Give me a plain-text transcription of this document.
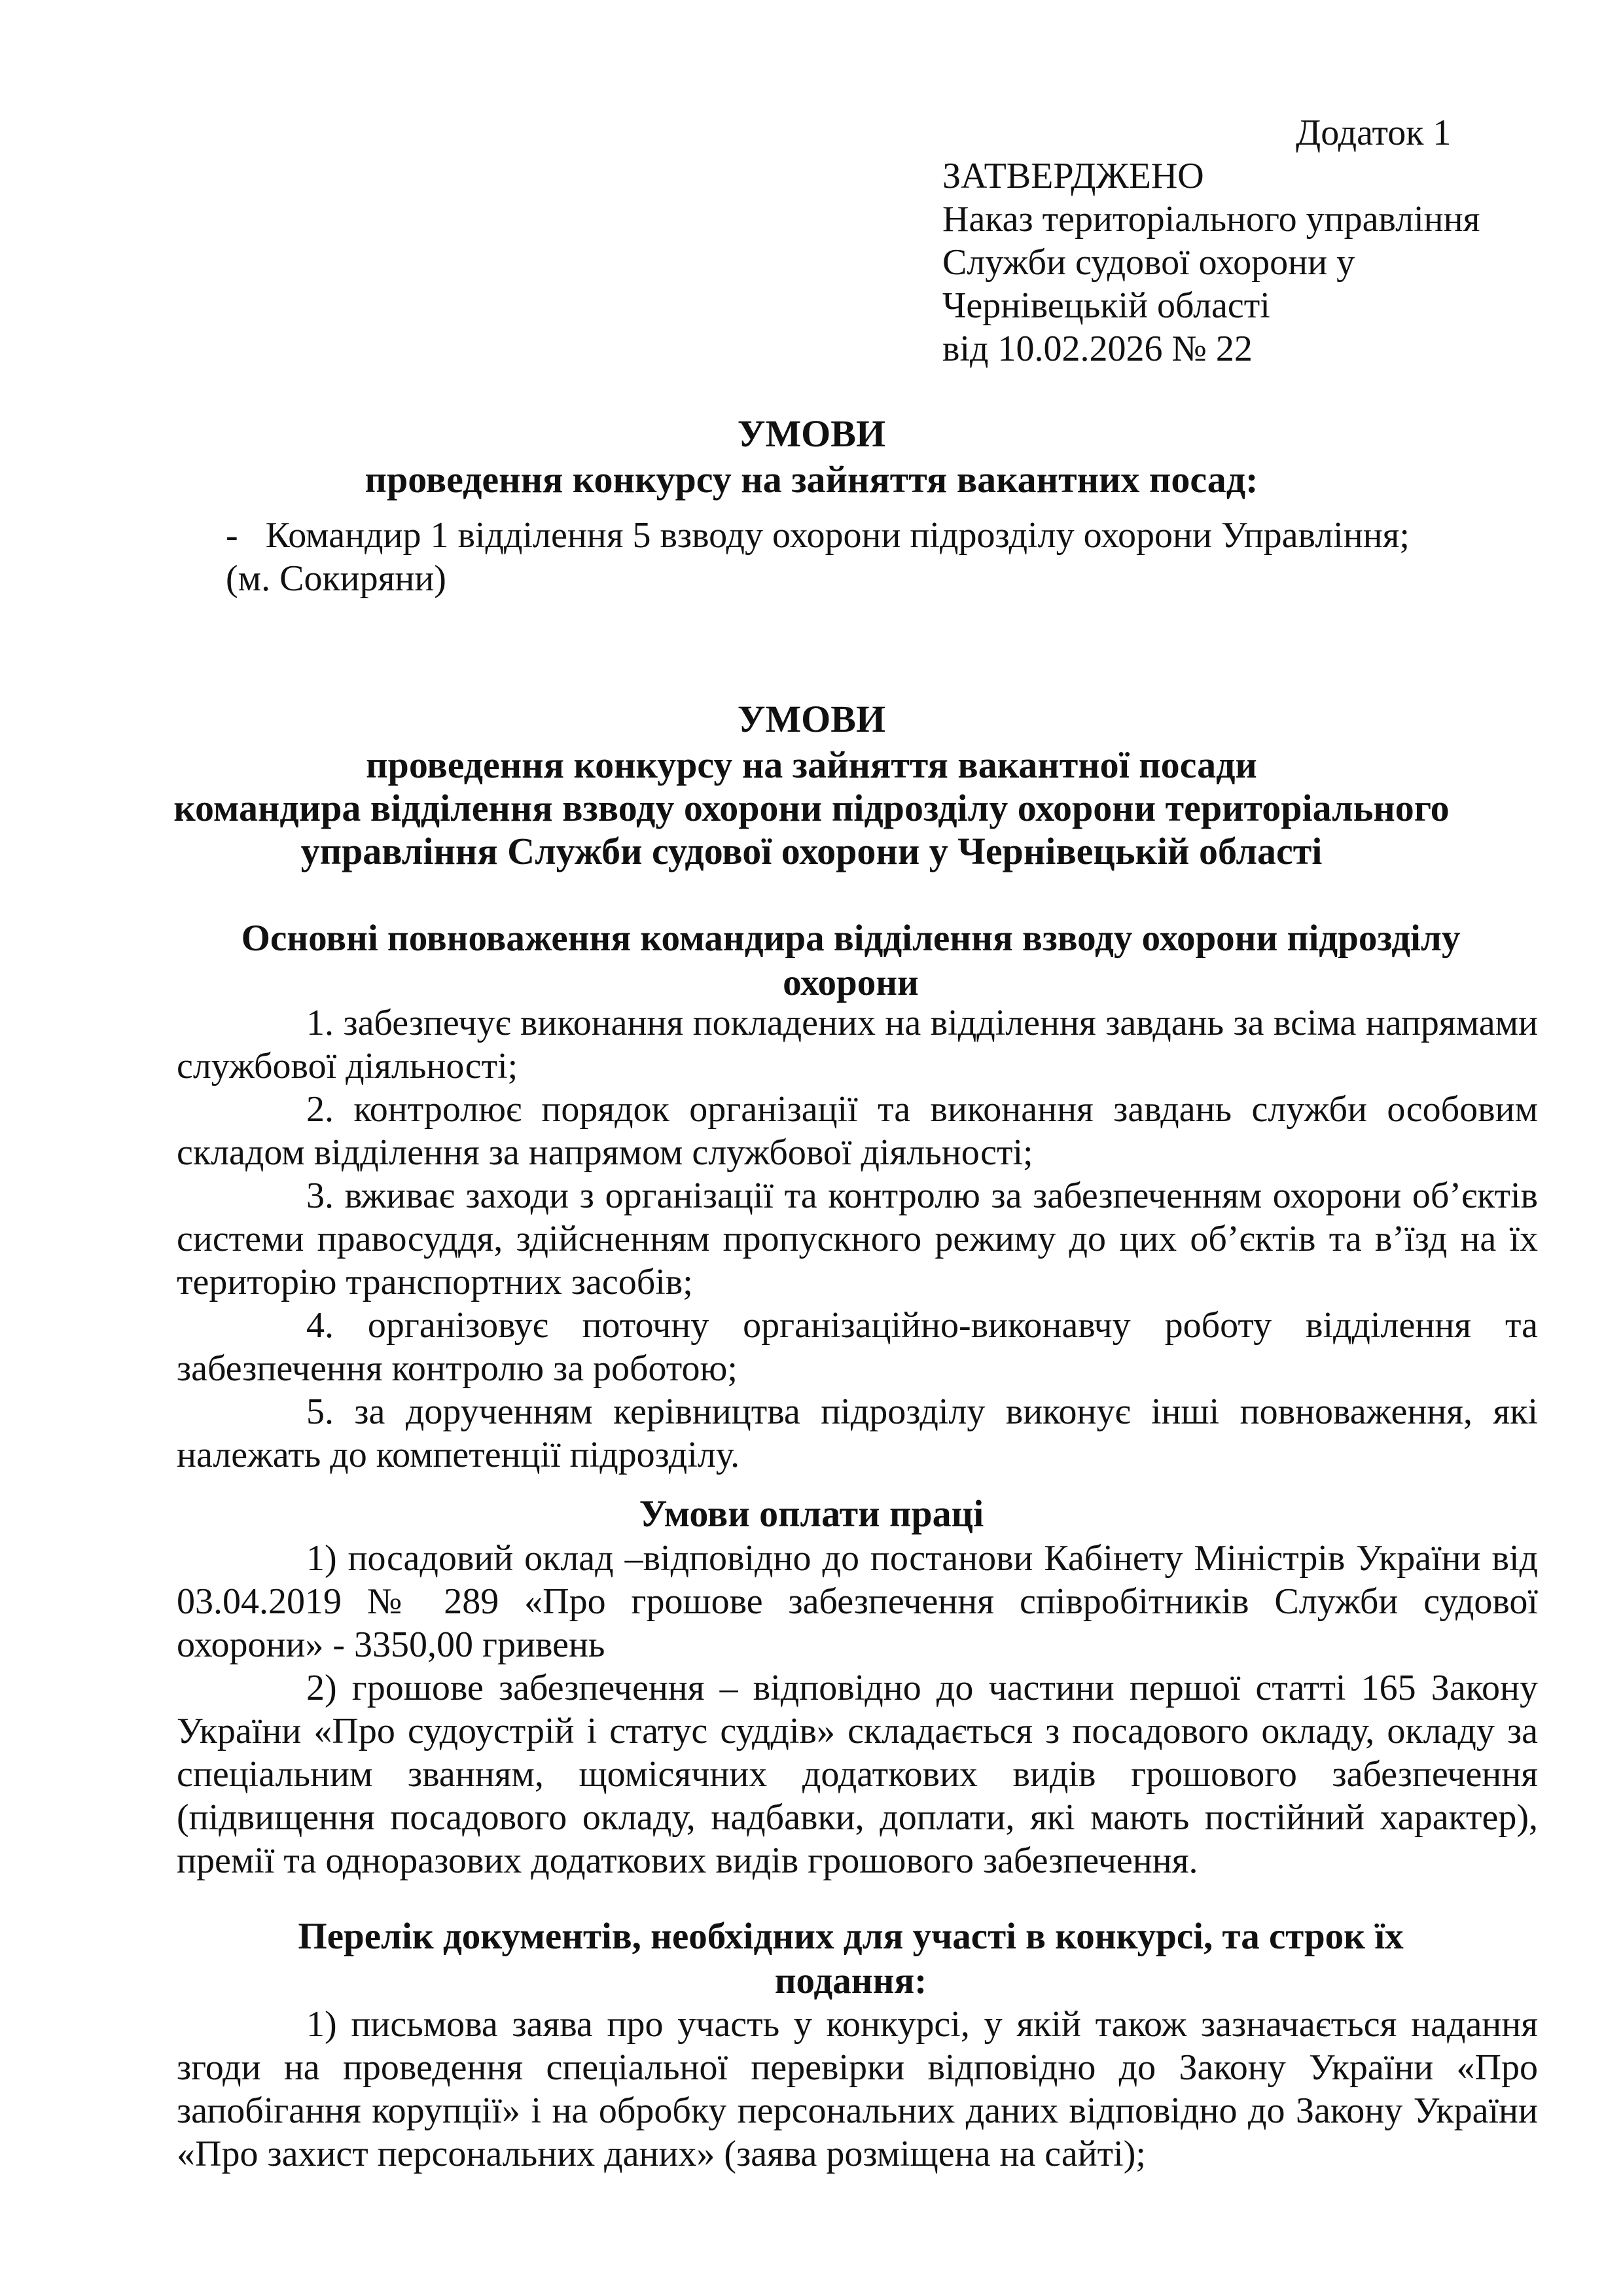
Додаток 1
ЗАТВЕРДЖЕНО
Наказ територіального управління
Служби судової охорони у
Чернівецькій області
від 10.02.2026 № 22
УМОВИ
проведення конкурсу на зайняття вакантних посад:
- Командир 1 відділення 5 взводу охорони підрозділу охорони Управління;
(м. Сокиряни)
УМОВИ
проведення конкурсу на зайняття вакантної посади
командира відділення взводу охорони підрозділу охорони територіального
управління Служби судової охорони у Чернівецькій області
Основні повноваження командира відділення взводу охорони підрозділу
охорони

1. забезпечує виконання покладених на відділення завдань за всіма напрямами службової діяльності;

2. контролює порядок організації та виконання завдань служби особовим складом відділення за напрямом службової діяльності;

3. вживає заходи з організації та контролю за забезпеченням охорони об’єктів системи правосуддя, здійсненням пропускного режиму до цих об’єктів та в’їзд на їх територію транспортних засобів;

4. організовує поточну організаційно-виконавчу роботу відділення та забезпечення контролю за роботою;

5. за дорученням керівництва підрозділу виконує інші повноваження, які належать до компетенції підрозділу.

Умови оплати праці

1) посадовий оклад –відповідно до постанови Кабінету Міністрів України від 03.04.2019 № 289 «Про грошове забезпечення співробітників Служби судової охорони» - 3350,00 гривень

2) грошове забезпечення – відповідно до частини першої статті 165 Закону України «Про судоустрій і статус суддів» складається з посадового окладу, окладу за спеціальним званням, щомісячних додаткових видів грошового забезпечення (підвищення посадового окладу, надбавки, доплати, які мають постійний характер), премії та одноразових додаткових видів грошового забезпечення.

Перелік документів, необхідних для участі в конкурсі, та строк їх
подання:

1) письмова заява про участь у конкурсі, у якій також зазначається надання згоди на проведення спеціальної перевірки відповідно до Закону України «Про запобігання корупції» і на обробку персональних даних відповідно до Закону України «Про захист персональних даних» (заява розміщена на сайті);
